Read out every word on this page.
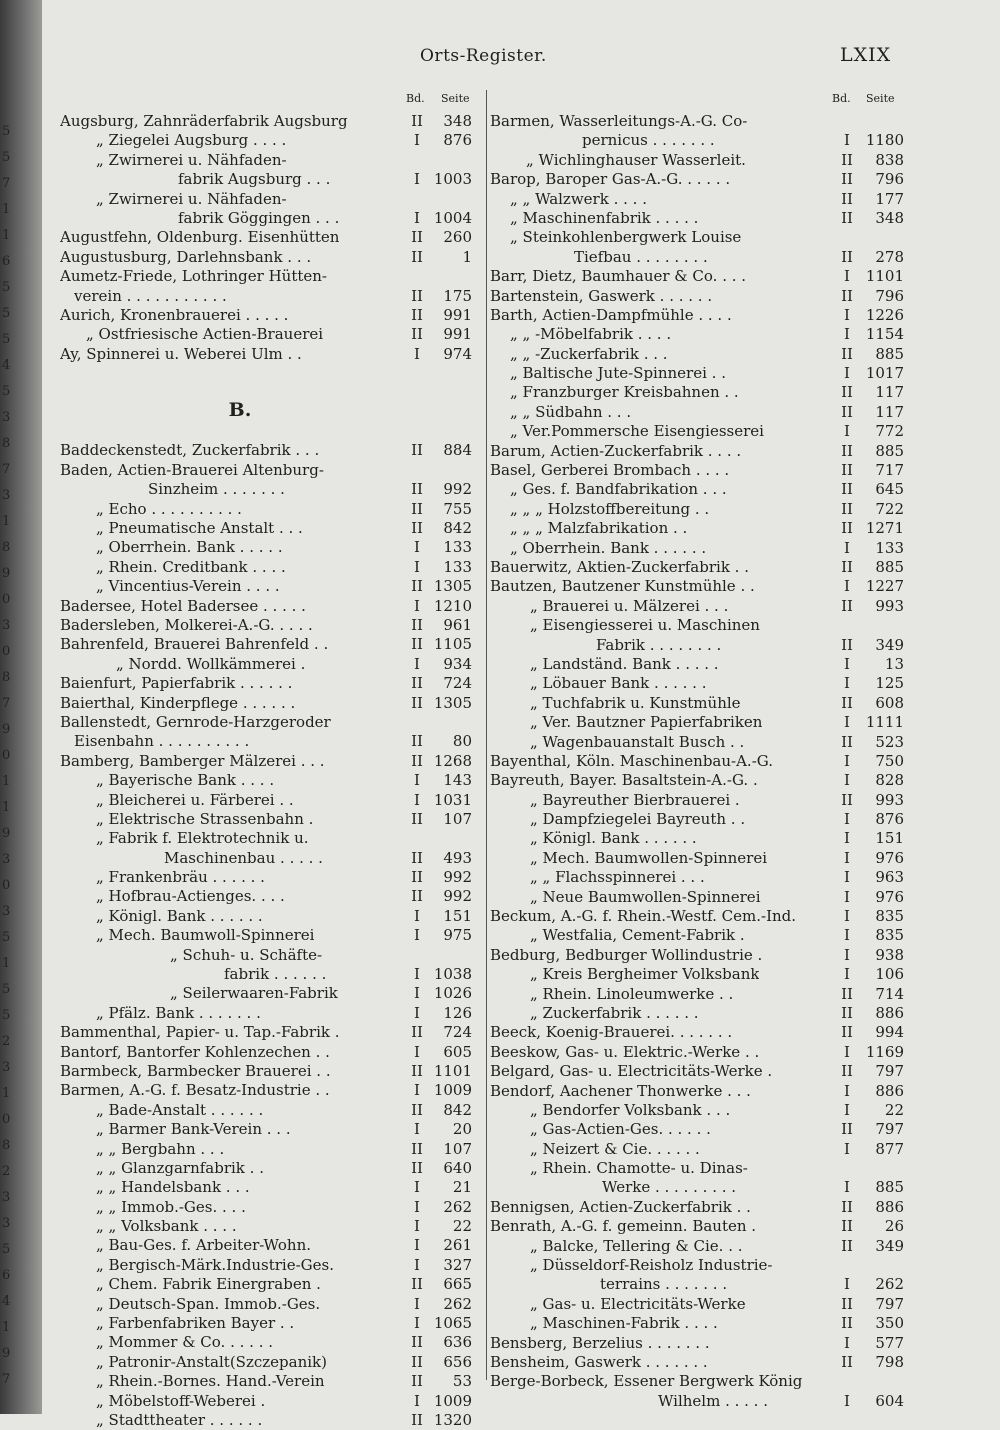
5
5
7
1
1
6
5
5
5
4
5
3
8
7
3
1
8
9
0
3
0
8
7
9
0
1
1
9
3
0
3
5
1
5
5
2
3
1
0
8
2
3
3
5
6
4
1
9
7
Orts-Register.	LXIX
Bd. Seite	Bd. Seite
Augsburg, Zahnräderfabrik Augsburg	II	348
„ Ziegelei Augsburg . . . .	I	876
„ Zwirnerei u. Nähfaden-
fabrik Augsburg . . .	I 1003
„ Zwirnerei u. Nähfaden-
fabrik Göggingen . . .	I 1004
Augustfehn, Oldenburg. Eisenhütten	II	260
Augustusburg, Darlehnsbank . . .	II	1
Aumetz-Friede, Lothringer Hütten-
verein . . . . . . . . . . .	II	175
Aurich, Kronenbrauerei . . . . .	II	991
„ Ostfriesische Actien-Brauerei	II	991
Ay, Spinnerei u. Weberei Ulm . .	I	974
B.
Baddeckenstedt, Zuckerfabrik . . .	II	884
Baden, Actien-Brauerei Altenburg-
Sinzheim . . . . . . .	II	992
„ Echo . . . . . . . . . .	II	755
„ Pneumatische Anstalt . . .	II	842
„ Oberrhein. Bank . . . . .	I	133
„ Rhein. Creditbank . . . .	I	133
„ Vincentius-Verein . . . .	II 1305
Badersee, Hotel Badersee . . . . .	I 1210
Badersleben, Molkerei-A.-G. . . . .	II	961
Bahrenfeld, Brauerei Bahrenfeld . .	II 1105
„ Nordd. Wollkämmerei .	I	934
Baienfurt, Papierfabrik . . . . . .	II	724
Baierthal, Kinderpflege . . . . . .	II 1305
Ballenstedt, Gernrode-Harzgeroder
Eisenbahn . . . . . . . . . .	II	80
Bamberg, Bamberger Mälzerei . . .	II 1268
„ Bayerische Bank . . . .	I	143
„ Bleicherei u. Färberei . .	I 1031
„ Elektrische Strassenbahn .	II	107
„ Fabrik f. Elektrotechnik u.
Maschinenbau . . . . .	II	493
„ Frankenbräu . . . . . .	II	992
„ Hofbrau-Actienges. . . .	II	992
„ Königl. Bank . . . . . .	I	151
„ Mech. Baumwoll-Spinnerei	I	975
„ Schuh- u. Schäfte-
fabrik . . . . . .	I 1038
„ Seilerwaaren-Fabrik	I 1026
„ Pfälz. Bank . . . . . . .	I	126
Bammenthal, Papier- u. Tap.-Fabrik .	II	724
Bantorf, Bantorfer Kohlenzechen . .	I	605
Barmbeck, Barmbecker Brauerei . .	II 1101
Barmen, A.-G. f. Besatz-Industrie . .	I 1009
„ Bade-Anstalt . . . . . .	II	842
„ Barmer Bank-Verein . . .	I	20
„ „ Bergbahn . . .	II	107
„ „ Glanzgarnfabrik . .	II	640
„ „ Handelsbank . . .	I	21
„ „ Immob.-Ges. . . .	I	262
„ „ Volksbank . . . .	I	22
„ Bau-Ges. f. Arbeiter-Wohn.	I	261
„ Bergisch-Märk.Industrie-Ges.	I	327
„ Chem. Fabrik Einergraben .	II	665
„ Deutsch-Span. Immob.-Ges.	I	262
„ Farbenfabriken Bayer . .	I 1065
„ Mommer & Co. . . . . .	II	636
„ Patronir-Anstalt(Szczepanik)	II	656
„ Rhein.-Bornes. Hand.-Verein	II	53
„ Möbelstoff-Weberei .	I 1009
„ Stadttheater . . . . . .	II 1320
Barmen, Wasserleitungs-A.-G. Co-
pernicus . . . . . . .	I	1180
„ Wichlinghauser Wasserleit.	II	838
Barop, Baroper Gas-A.-G. . . . . .	II	796
„ „ Walzwerk . . . .	II	177
„ Maschinenfabrik . . . . .	II	348
„ Steinkohlenbergwerk Louise
Tiefbau . . . . . . . .	II	278
Barr, Dietz, Baumhauer & Co. . . .	I	1101
Bartenstein, Gaswerk . . . . . .	II	796
Barth, Actien-Dampfmühle . . . .	I	1226
„ „ -Möbelfabrik . . . .	I	1154
„ „ -Zuckerfabrik . . .	II	885
„ Baltische Jute-Spinnerei . .	I	1017
„ Franzburger Kreisbahnen . .	II	117
„ „ Südbahn . . .	II	117
„ Ver.Pommersche Eisengiesserei	I	772
Barum, Actien-Zuckerfabrik . . . .	II	885
Basel, Gerberei Brombach . . . .	II	717
„ Ges. f. Bandfabrikation . . .	II	645
„ „ „ Holzstoffbereitung . .	II	722
„ „ „ Malzfabrikation . .	II 1271
„ Oberrhein. Bank . . . . . .	I	133
Bauerwitz, Aktien-Zuckerfabrik . .	II	885
Bautzen, Bautzener Kunstmühle . .	I	1227
„ Brauerei u. Mälzerei . . .	II	993
„ Eisengiesserei u. Maschinen
Fabrik . . . . . . . .	II	349
„ Landständ. Bank . . . . .	I	13
„ Löbauer Bank . . . . . .	I	125
„ Tuchfabrik u. Kunstmühle	II	608
„ Ver. Bautzner Papierfabriken	I	1111
„ Wagenbauanstalt Busch . .	II	523
Bayenthal, Köln. Maschinenbau-A.-G.	I	750
Bayreuth, Bayer. Basaltstein-A.-G. .	I	828
„ Bayreuther Bierbrauerei .	II	993
„ Dampfziegelei Bayreuth . .	I	876
„ Königl. Bank . . . . . .	I	151
„ Mech. Baumwollen-Spinnerei	I	976
„ „ Flachsspinnerei . . .	I	963
„ Neue Baumwollen-Spinnerei	I	976
Beckum, A.-G. f. Rhein.-Westf. Cem.-Ind.	I	835
„ Westfalia, Cement-Fabrik .	I	835
Bedburg, Bedburger Wollindustrie .	I	938
„ Kreis Bergheimer Volksbank	I	106
„ Rhein. Linoleumwerke . .	II	714
„ Zuckerfabrik . . . . . .	II	886
Beeck, Koenig-Brauerei. . . . . . .	II	994
Beeskow, Gas- u. Elektric.-Werke . .	I	1169
Belgard, Gas- u. Electricitäts-Werke .	II	797
Bendorf, Aachener Thonwerke . . .	I	886
„ Bendorfer Volksbank . . .	I	22
„ Gas-Actien-Ges. . . . . .	II	797
„ Neizert & Cie. . . . . .	I	877
„ Rhein. Chamotte- u. Dinas-
Werke . . . . . . . . .	I	885
Bennigsen, Actien-Zuckerfabrik . .	II	886
Benrath, A.-G. f. gemeinn. Bauten .	II	26
„ Balcke, Tellering & Cie. . .	II	349
„ Düsseldorf-Reisholz Industrie-
terrains . . . . . . .	I	262
„ Gas- u. Electricitäts-Werke	II	797
„ Maschinen-Fabrik . . . .	II	350
Bensberg, Berzelius . . . . . . .	I	577
Bensheim, Gaswerk . . . . . . .	II	798
Berge-Borbeck, Essener Bergwerk König
Wilhelm . . . . .	I	604
